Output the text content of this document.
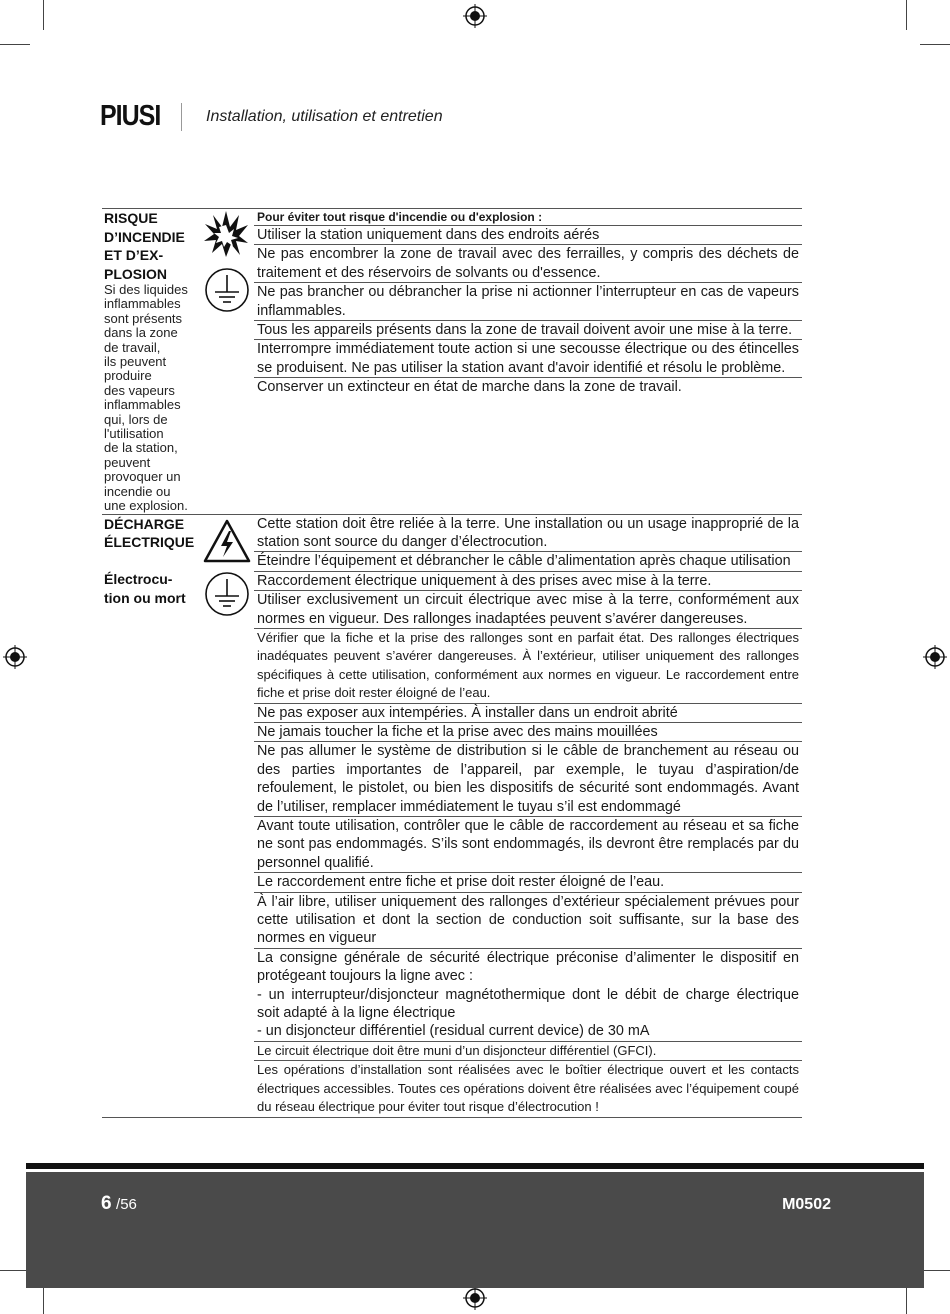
PIUSI	Installation, utilisation et entretien
RISQUE
D’INCENDIE
ET D’EX-
PLOSION
Si des liquides
inflammables
sont présents
dans la zone
de travail,
ils peuvent
produire
des vapeurs
inflammables
qui, lors de
l'utilisation
de la station,
peuvent
provoquer un
incendie ou
une explosion.
Pour éviter tout risque d'incendie ou d'explosion :
Utiliser la station uniquement dans des endroits aérés
Ne pas encombrer la zone de travail avec des ferrailles, y compris des déchets de traitement et des réservoirs de solvants ou d'essence.
Ne pas brancher ou débrancher la prise ni actionner l’interrupteur en cas de vapeurs inflammables.
Tous les appareils présents dans la zone de travail doivent avoir une mise à la terre.
Interrompre immédiatement toute action si une secousse électrique ou des étincelles se produisent. Ne pas utiliser la station avant d'avoir identifié et résolu le problème.
Conserver un extincteur en état de marche dans la zone de travail.
DÉCHARGE
ÉLECTRIQUE

Électrocu-
tion ou mort
Cette station doit être reliée à la terre. Une installation ou un usage inapproprié de la station sont source du danger d’électrocution.
Éteindre l’équipement et débrancher le câble d’alimentation après chaque utilisation
Raccordement électrique uniquement à des prises avec mise à la terre.
Utiliser exclusivement un circuit électrique avec mise à la terre, conformément aux normes en vigueur. Des rallonges inadaptées peuvent s’avérer dangereuses.
Vérifier que la fiche et la prise des rallonges sont en parfait état. Des rallonges électriques inadéquates peuvent s’avérer dangereuses. À l’extérieur, utiliser uniquement des rallonges spécifiques à cette utilisation, conformément aux normes en vigueur. Le raccordement entre fiche et prise doit rester éloigné de l’eau.
Ne pas exposer aux intempéries. À installer dans un endroit abrité
Ne jamais toucher la fiche et la prise avec des mains mouillées
Ne pas allumer le système de distribution si le câble de branchement au réseau ou des parties importantes de l’appareil, par exemple, le tuyau d’aspiration/de refoulement, le pistolet, ou bien les dispositifs de sécurité sont endommagés. Avant de l’utiliser, remplacer immédiatement le tuyau s’il est endommagé
Avant toute utilisation, contrôler que le câble de raccordement au réseau et sa fiche ne sont pas endommagés. S’ils sont endommagés, ils devront être remplacés par du personnel qualifié.
Le raccordement entre fiche et prise doit rester éloigné de l’eau.
À l’air libre, utiliser uniquement des rallonges d’extérieur spécialement prévues pour cette utilisation et dont la section de conduction soit suffisante, sur la base des normes en vigueur
La consigne générale de sécurité électrique préconise d’alimenter le dispositif en protégeant toujours la ligne avec :
- un interrupteur/disjoncteur magnétothermique dont le débit de charge électrique soit adapté à la ligne électrique
- un disjoncteur différentiel (residual current device) de 30 mA
Le circuit électrique doit être muni d’un disjoncteur différentiel (GFCI).
Les opérations d’installation sont réalisées avec le boîtier électrique ouvert et les contacts électriques accessibles. Toutes ces opérations doivent être réalisées avec l’équipement coupé du réseau électrique pour éviter tout risque d’électrocution !
6 /56	M0502
